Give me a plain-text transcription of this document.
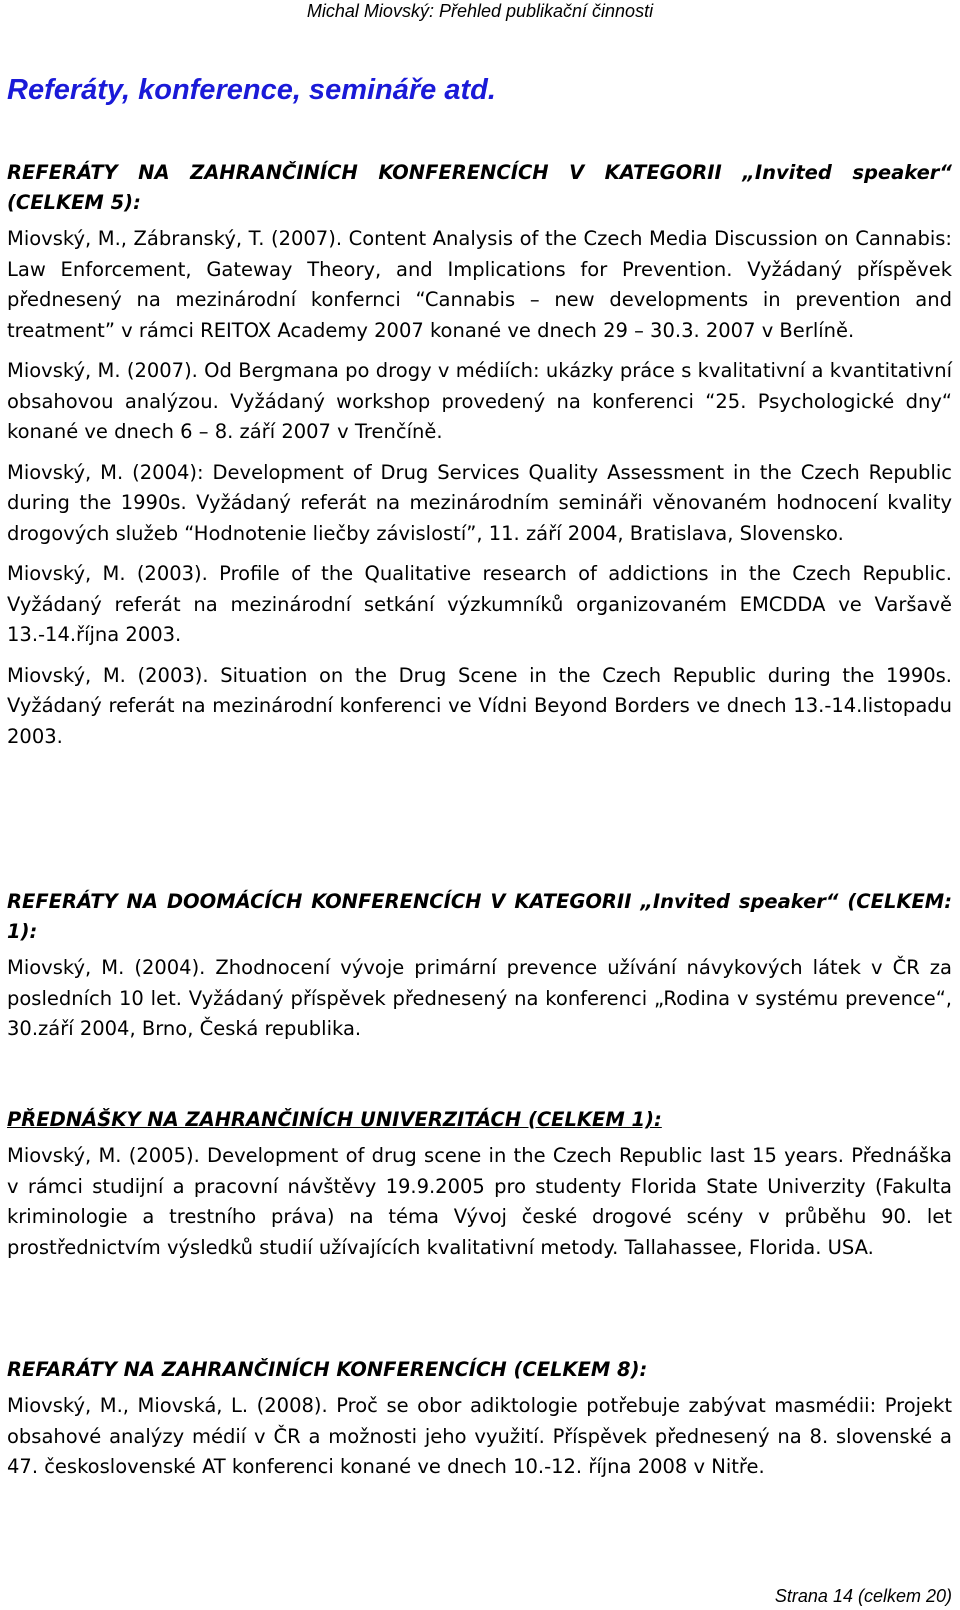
Michal Miovský: Přehled publikační činnosti
Referáty, konference, semináře atd.

REFERÁTY NA ZAHRANČINÍCH KONFERENCÍCH V KATEGORII „Invited speaker“ (CELKEM 5):

Miovský, M., Zábranský, T. (2007). Content Analysis of the Czech Media Discussion on Cannabis: Law Enforcement, Gateway Theory, and Implications for Prevention. Vyžádaný příspěvek přednesený na mezinárodní konfernci “Cannabis – new developments in prevention and treatment” v rámci REITOX Academy 2007 konané ve dnech 29 – 30.3. 2007 v Berlíně.

Miovský, M. (2007). Od Bergmana po drogy v médiích: ukázky práce s kvalitativní a kvantitativní obsahovou analýzou. Vyžádaný workshop provedený na konferenci “25. Psychologické dny“ konané ve dnech 6 – 8. září 2007 v Trenčíně.

Miovský, M. (2004): Development of Drug Services Quality Assessment in the Czech Republic during the 1990s. Vyžádaný referát na mezinárodním semináři věnovaném hodnocení kvality drogových služeb “Hodnotenie liečby závislostí”, 11. září 2004, Bratislava, Slovensko.

Miovský, M. (2003). Profile of the Qualitative research of addictions in the Czech Republic. Vyžádaný referát na mezinárodní setkání výzkumníků organizovaném EMCDDA ve Varšavě 13.-14.října 2003.

Miovský, M. (2003). Situation on the Drug Scene in the Czech Republic during the 1990s. Vyžádaný referát na mezinárodní konferenci ve Vídni Beyond Borders ve dnech 13.-14.listopadu 2003.

REFERÁTY NA DOOMÁCÍCH KONFERENCÍCH V KATEGORII „Invited speaker“ (CELKEM: 1):

Miovský, M. (2004). Zhodnocení vývoje primární prevence užívání návykových látek v ČR za posledních 10 let. Vyžádaný příspěvek přednesený na konferenci „Rodina v systému prevence“, 30.září 2004, Brno, Česká republika.

PŘEDNÁŠKY NA ZAHRANČINÍCH UNIVERZITÁCH (CELKEM 1):

Miovský, M. (2005). Development of drug scene in the Czech Republic last 15 years. Přednáška v rámci studijní a pracovní návštěvy 19.9.2005 pro studenty Florida State Univerzity (Fakulta kriminologie a trestního práva) na téma Vývoj české drogové scény v průběhu 90. let prostřednictvím výsledků studií užívajících kvalitativní metody. Tallahassee, Florida. USA.

REFARÁTY NA ZAHRANČINÍCH KONFERENCÍCH (CELKEM 8):

Miovský, M., Miovská, L. (2008). Proč se obor adiktologie potřebuje zabývat masmédii: Projekt obsahové analýzy médií v ČR a možnosti jeho využití. Příspěvek přednesený na 8. slovenské a 47. československé AT konferenci konané ve dnech 10.-12. října 2008 v Nitře.

Strana 14 (celkem 20)
